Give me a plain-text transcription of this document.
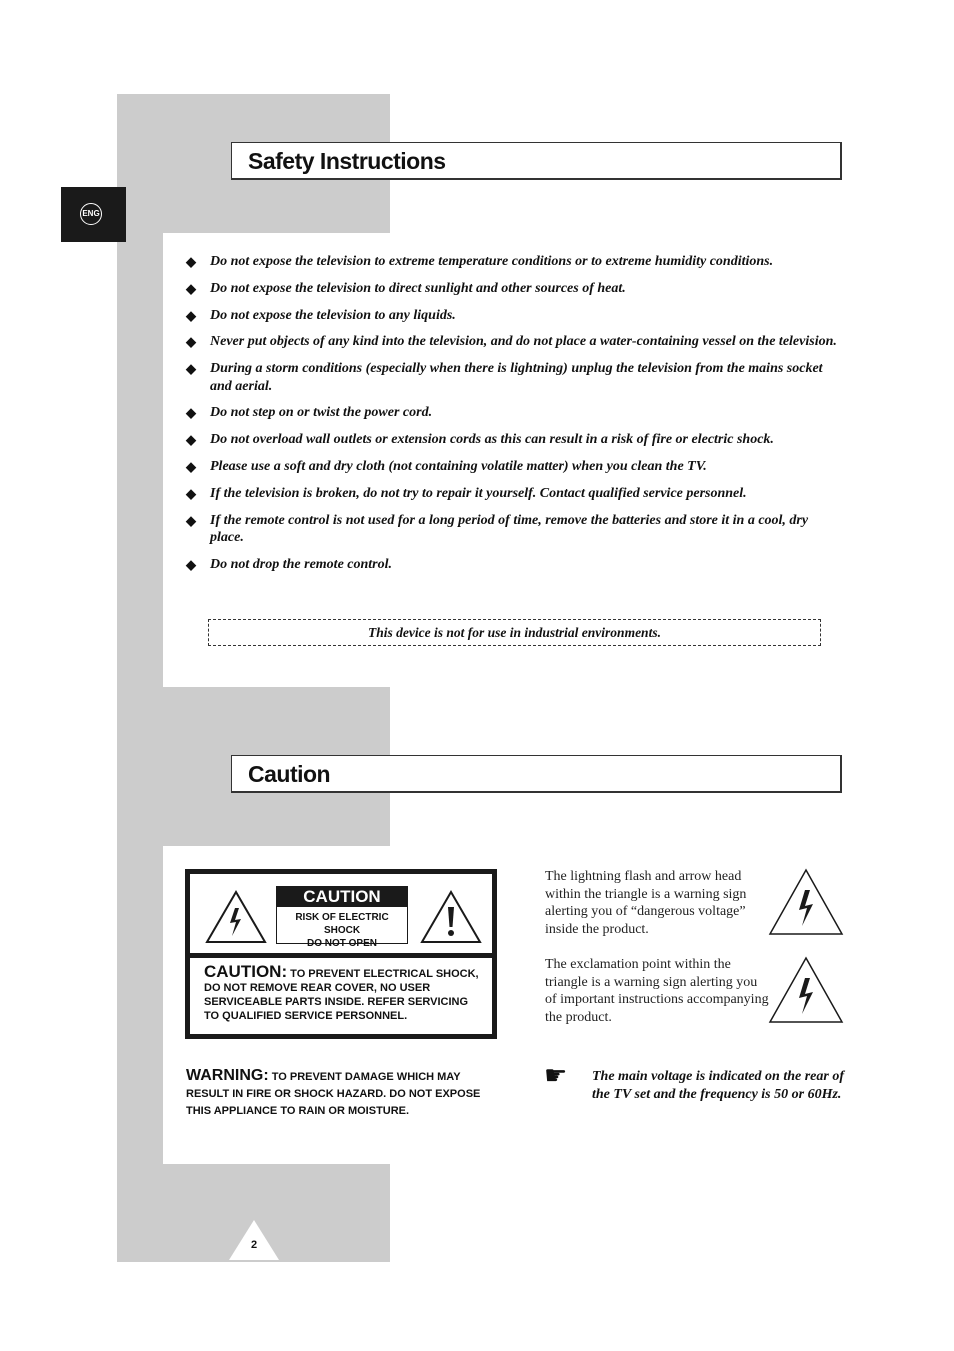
ENG
Safety Instructions
◆ Do not expose the television to extreme temperature conditions or to extreme humidity conditions.
◆ Do not expose the television to direct sunlight and other sources of heat.
◆ Do not expose the television to any liquids.
◆ Never put objects of any kind into the television, and do not place a water-containing vessel on the television.
◆ During a storm conditions (especially when there is lightning) unplug the television from the mains socket and aerial.
◆ Do not step on or twist the power cord.
◆ Do not overload wall outlets or extension cords as this can result in a risk of fire or electric shock.
◆ Please use a soft and dry cloth (not containing volatile matter) when you clean the TV.
◆ If the television is broken, do not try to repair it yourself. Contact qualified service personnel.
◆ If the remote control is not used for a long period of time, remove the batteries and store it in a cool, dry place.
◆ Do not drop the remote control.
This device is not for use in industrial environments.
Caution
CAUTION
RISK OF ELECTRIC SHOCK
DO NOT OPEN
CAUTION: TO PREVENT ELECTRICAL SHOCK, DO NOT REMOVE REAR COVER, NO USER SERVICEABLE PARTS INSIDE. REFER SERVICING TO QUALIFIED SERVICE PERSONNEL.
WARNING: TO PREVENT DAMAGE WHICH MAY RESULT IN FIRE OR SHOCK HAZARD. DO NOT EXPOSE THIS APPLIANCE TO RAIN OR MOISTURE.
The lightning flash and arrow head within the triangle is a warning sign alerting you of “dangerous voltage” inside the product.
The exclamation point within the triangle is a warning sign alerting you of important instructions accompanying the product.
☛ The main voltage is indicated on the rear of the TV set and the frequency is 50 or 60Hz.
2
